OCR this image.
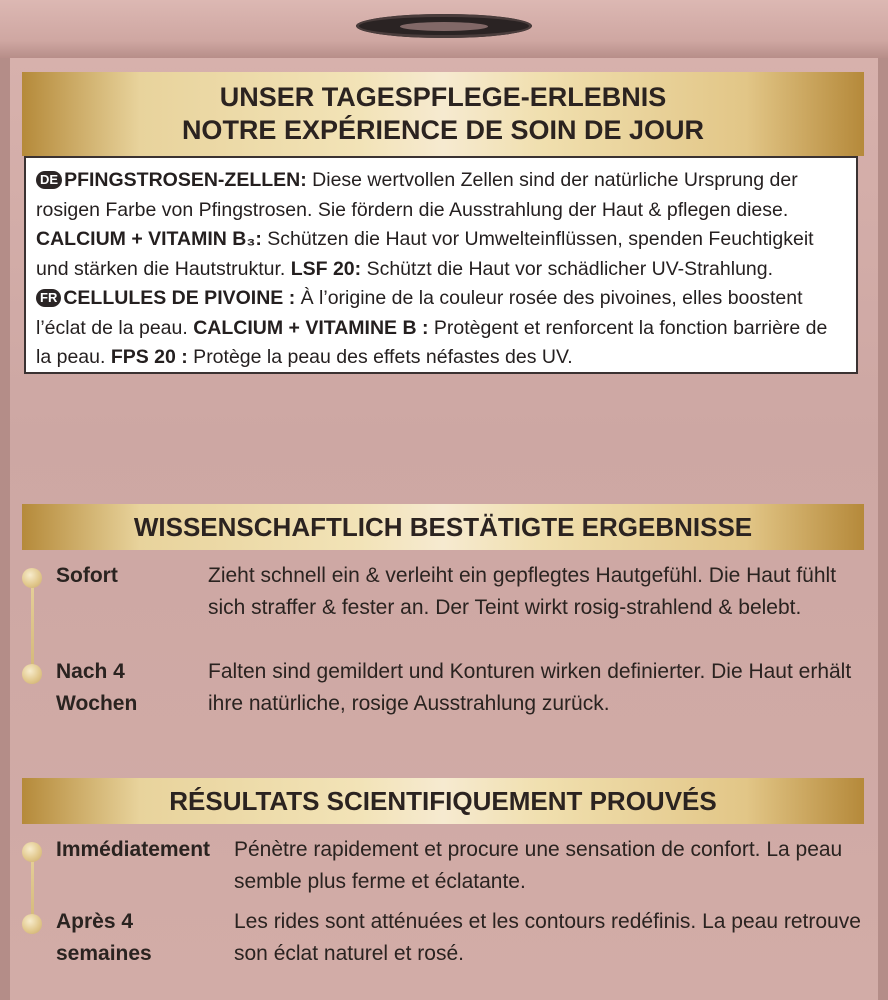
UNSER TAGESPFLEGE-ERLEBNIS
NOTRE EXPÉRIENCE DE SOIN DE JOUR

DE PFINGSTROSEN-ZELLEN: Diese wertvollen Zellen sind der natürliche Ursprung der rosigen Farbe von Pfingstrosen. Sie fördern die Ausstrahlung der Haut & pflegen diese. CALCIUM + VITAMIN B₃: Schützen die Haut vor Umwelteinflüssen, spenden Feuchtigkeit und stärken die Hautstruktur. LSF 20: Schützt die Haut vor schädlicher UV-Strahlung.

FR CELLULES DE PIVOINE : À l’origine de la couleur rosée des pivoines, elles boostent l’éclat de la peau. CALCIUM + VITAMINE B : Protègent et renforcent la fonction barrière de la peau. FPS 20 : Protège la peau des effets néfastes des UV.

WISSENSCHAFTLICH BESTÄTIGTE ERGEBNISSE
Sofort	Zieht schnell ein & verleiht ein gepflegtes Hautgefühl. Die Haut fühlt sich straffer & fester an. Der Teint wirkt rosig-strahlend & belebt.
Nach 4 Wochen
Falten sind gemildert und Konturen wirken definierter. Die Haut erhält ihre natürliche, rosige Ausstrahlung zurück.
RÉSULTATS SCIENTIFIQUEMENT PROUVÉS
Immédiatement	Pénètre rapidement et procure une sensation de confort. La peau semble plus ferme et éclatante.
Après 4 semaines
Les rides sont atténuées et les contours redéfinis. La peau retrouve son éclat naturel et rosé.
